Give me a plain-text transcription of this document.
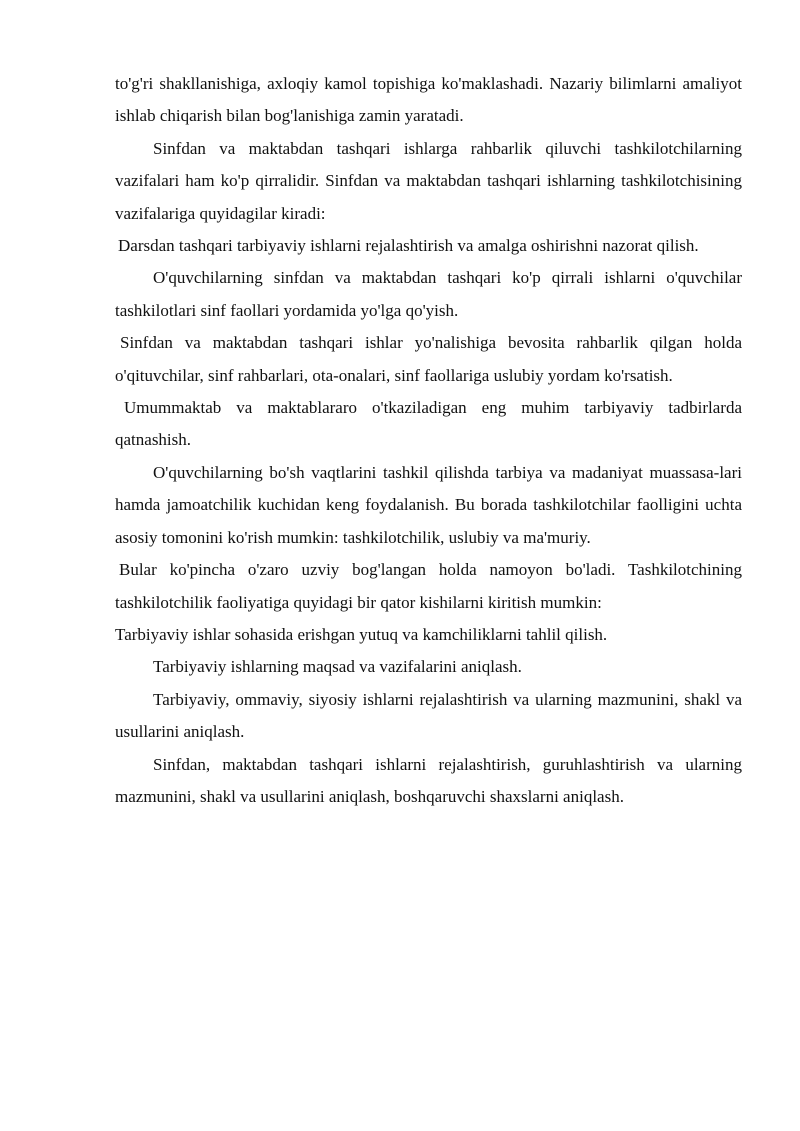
to'g'ri shakllanishiga, axloqiy kamol topishiga ko'maklashadi. Nazariy bilimlarni amaliyot ishlab chiqarish bilan bog'lanishiga zamin yaratadi.

Sinfdan va maktabdan tashqari ishlarga rahbarlik qiluvchi tashkilotchilarning vazifalari ham ko'p qirralidir. Sinfdan va maktabdan tashqari ishlarning tashkilotchisining vazifalariga quyidagilar kiradi:

Darsdan tashqari tarbiyaviy ishlarni rejalashtirish va amalga oshirishni nazorat qilish.

O'quvchilarning sinfdan va maktabdan tashqari ko'p qirrali ishlarni o'quvchilar tashkilotlari sinf faollari yordamida yo'lga qo'yish.

Sinfdan va maktabdan tashqari ishlar yo'nalishiga bevosita rahbarlik qilgan holda o'qituvchilar, sinf rahbarlari, ota-onalari, sinf faollariga uslubiy yordam ko'rsatish.

Umummaktab va maktablararo o'tkaziladigan eng muhim tarbiyaviy tadbirlarda qatnashish.

O'quvchilarning bo'sh vaqtlarini tashkil qilishda tarbiya va madaniyat muassasa-lari hamda jamoatchilik kuchidan keng foydalanish. Bu borada tashkilotchilar faolligini uchta asosiy tomonini ko'rish mumkin: tashkilotchilik, uslubiy va ma'muriy.

Bular ko'pincha o'zaro uzviy bog'langan holda namoyon bo'ladi. Tashkilotchining tashkilotchilik faoliyatiga quyidagi bir qator kishilarni kiritish mumkin:

Tarbiyaviy ishlar sohasida erishgan yutuq va kamchiliklarni tahlil qilish.

Tarbiyaviy ishlarning maqsad va vazifalarini aniqlash.

Tarbiyaviy, ommaviy, siyosiy ishlarni rejalashtirish va ularning mazmunini, shakl va usullarini aniqlash.

Sinfdan, maktabdan tashqari ishlarni rejalashtirish, guruhlashtirish va ularning mazmunini, shakl va usullarini aniqlash, boshqaruvchi shaxslarni aniqlash.
